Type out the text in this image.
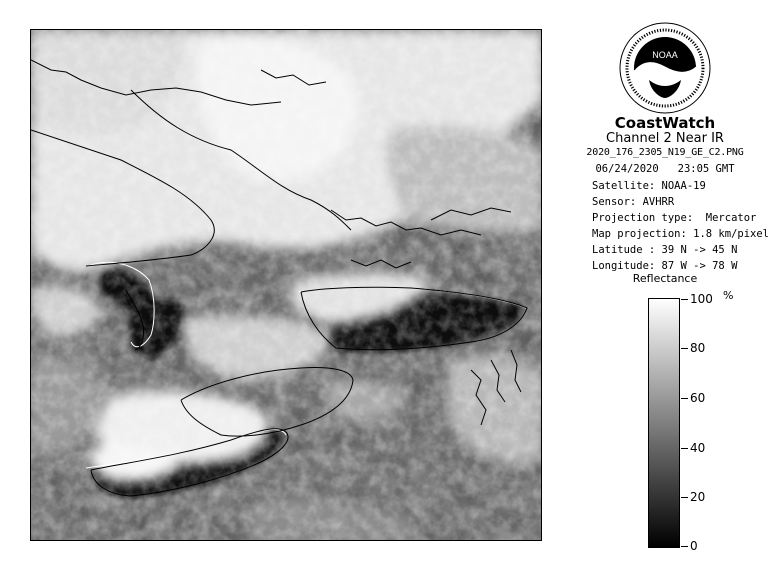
NOAA
CoastWatch
Channel 2 Near IR
2020_176_2305_N19_GE_C2.PNG
06/24/2020   23:05 GMT
Satellite: NOAA-19
Sensor: AVHRR
Projection type:  Mercator
Map projection: 1.8 km/pixel
Latitude : 39 N -> 45 N
Longitude: 87 W -> 78 W
Reflectance
%
100
80
60
40
20
0
